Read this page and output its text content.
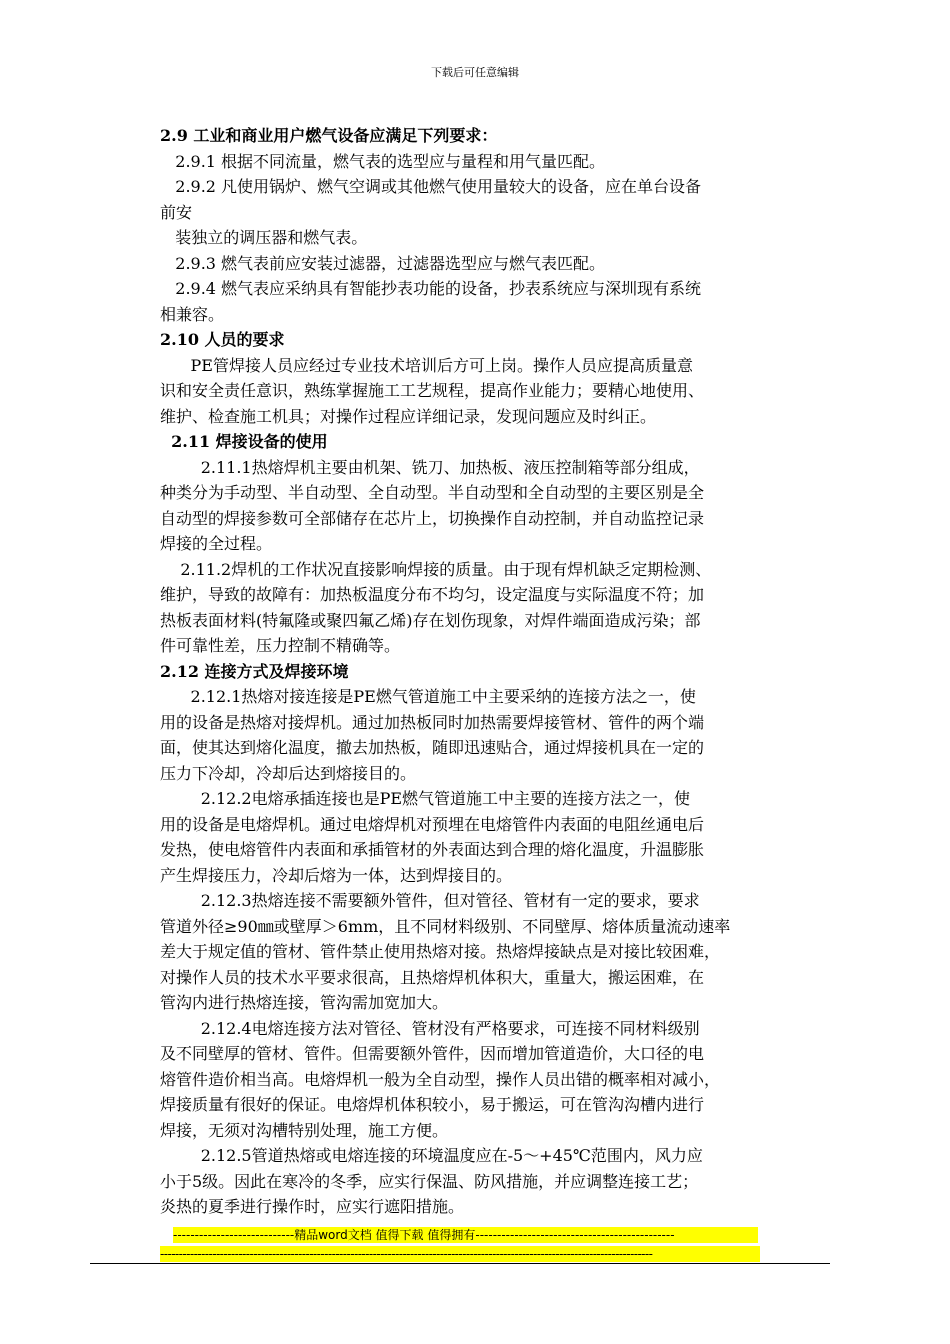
下载后可任意编辑
2.9 工业和商业用户燃气设备应满足下列要求：
2.9.1 根据不同流量，燃气表的选型应与量程和用气量匹配。
2.9.2 凡使用锅炉、燃气空调或其他燃气使用量较大的设备，应在单台设备
前安
装独立的调压器和燃气表。
2.9.3 燃气表前应安装过滤器，过滤器选型应与燃气表匹配。
2.9.4 燃气表应采纳具有智能抄表功能的设备，抄表系统应与深圳现有系统
相兼容。
2.10 人员的要求
PE管焊接人员应经过专业技术培训后方可上岗。操作人员应提高质量意
识和安全责任意识，熟练掌握施工工艺规程，提高作业能力；要精心地使用、
维护、检查施工机具；对操作过程应详细记录，发现问题应及时纠正。
2.11 焊接设备的使用
2.11.1热熔焊机主要由机架、铣刀、加热板、液压控制箱等部分组成，
种类分为手动型、半自动型、全自动型。半自动型和全自动型的主要区别是全
自动型的焊接参数可全部储存在芯片上，切换操作自动控制，并自动监控记录
焊接的全过程。
2.11.2焊机的工作状况直接影响焊接的质量。由于现有焊机缺乏定期检测、
维护，导致的故障有：加热板温度分布不均匀，设定温度与实际温度不符；加
热板表面材料(特氟隆或聚四氟乙烯)存在划伤现象，对焊件端面造成污染；部
件可靠性差，压力控制不精确等。
2.12 连接方式及焊接环境
2.12.1热熔对接连接是PE燃气管道施工中主要采纳的连接方法之一，使
用的设备是热熔对接焊机。通过加热板同时加热需要焊接管材、管件的两个端
面，使其达到熔化温度，撤去加热板，随即迅速贴合，通过焊接机具在一定的
压力下冷却，冷却后达到熔接目的。
2.12.2电熔承插连接也是PE燃气管道施工中主要的连接方法之一，使
用的设备是电熔焊机。通过电熔焊机对预埋在电熔管件内表面的电阻丝通电后
发热，使电熔管件内表面和承插管材的外表面达到合理的熔化温度，升温膨胀
产生焊接压力，冷却后熔为一体，达到焊接目的。
2.12.3热熔连接不需要额外管件，但对管径、管材有一定的要求，要求
管道外径≥90㎜或壁厚＞6mm，且不同材料级别、不同壁厚、熔体质量流动速率
差大于规定值的管材、管件禁止使用热熔对接。热熔焊接缺点是对接比较困难，
对操作人员的技术水平要求很高，且热熔焊机体积大，重量大，搬运困难，在
管沟内进行热熔连接，管沟需加宽加大。
2.12.4电熔连接方法对管径、管材没有严格要求，可连接不同材料级别
及不同壁厚的管材、管件。但需要额外管件，因而增加管道造价，大口径的电
熔管件造价相当高。电熔焊机一般为全自动型，操作人员出错的概率相对减小，
焊接质量有很好的保证。电熔焊机体积较小，易于搬运，可在管沟沟槽内进行
焊接，无须对沟槽特别处理，施工方便。
2.12.5管道热熔或电熔连接的环境温度应在-5～+45℃范围内，风力应
小于5级。因此在寒冷的冬季，应实行保温、防风措施，并应调整连接工艺；
炎热的夏季进行操作时，应实行遮阳措施。
----------------------------精品word文档 值得下载 值得拥有----------------------------------------------
------------------------------------------------------------------------------------------------------------------------------------
